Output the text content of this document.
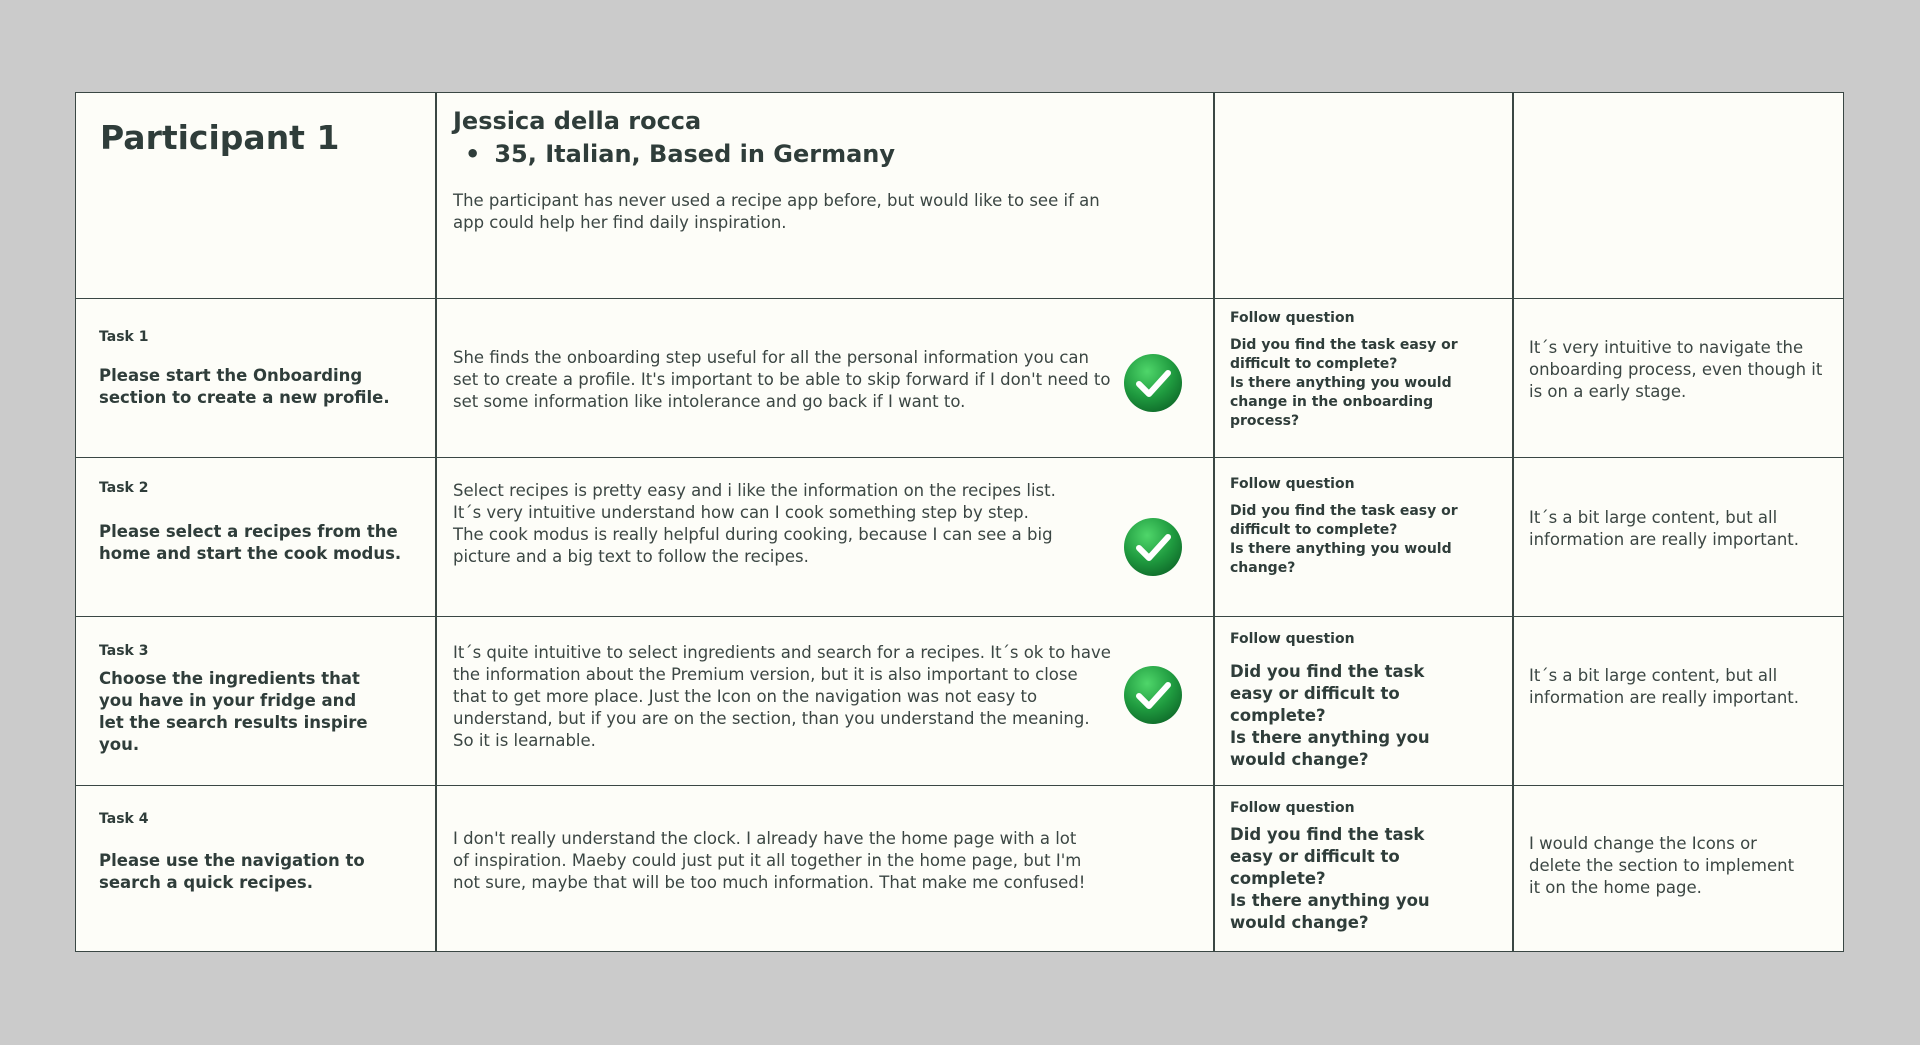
Participant 1	Jessica della rocca
• 35, Italian, Based in Germany
The participant has never used a recipe app before, but would like to see if an app could help her find daily inspiration.
Task 1
Please start the Onboarding section to create a new profile.
She finds the onboarding step useful for all the personal information you can set to create a profile. It's important to be able to skip forward if I don't need to set some information like intolerance and go back if I want to.
Follow question
Did you find the task easy or difficult to complete?
Is there anything you would change in the onboarding process?
It´s very intuitive to navigate the onboarding process, even though it is on a early stage.
Task 2
Please select a recipes from the home and start the cook modus.
Select recipes is pretty easy and i like the information on the recipes list. It´s very intuitive understand how can I cook something step by step. The cook modus is really helpful during cooking, because I can see a big picture and a big text to follow the recipes.
Follow question
Did you find the task easy or difficult to complete?
Is there anything you would change?
It´s a bit large content, but all information are really important.
Task 3
Choose the ingredients that you have in your fridge and let the search results inspire you.
It´s quite intuitive to select ingredients and search for a recipes. It´s ok to have the information about the Premium version, but it is also important to close that to get more place. Just the Icon on the navigation was not easy to understand, but if you are on the section, than you understand the meaning. So it is learnable.
Follow question
Did you find the task easy or difficult to complete?
Is there anything you would change?
It´s a bit large content, but all information are really important.
Task 4
Please use the navigation to search a quick recipes.
I don't really understand the clock. I already have the home page with a lot of inspiration. Maeby could just put it all together in the home page, but I'm not sure, maybe that will be too much information. That make me confused!
Follow question
Did you find the task easy or difficult to complete?
Is there anything you would change?
I would change the Icons or delete the section to implement it on the home page.
